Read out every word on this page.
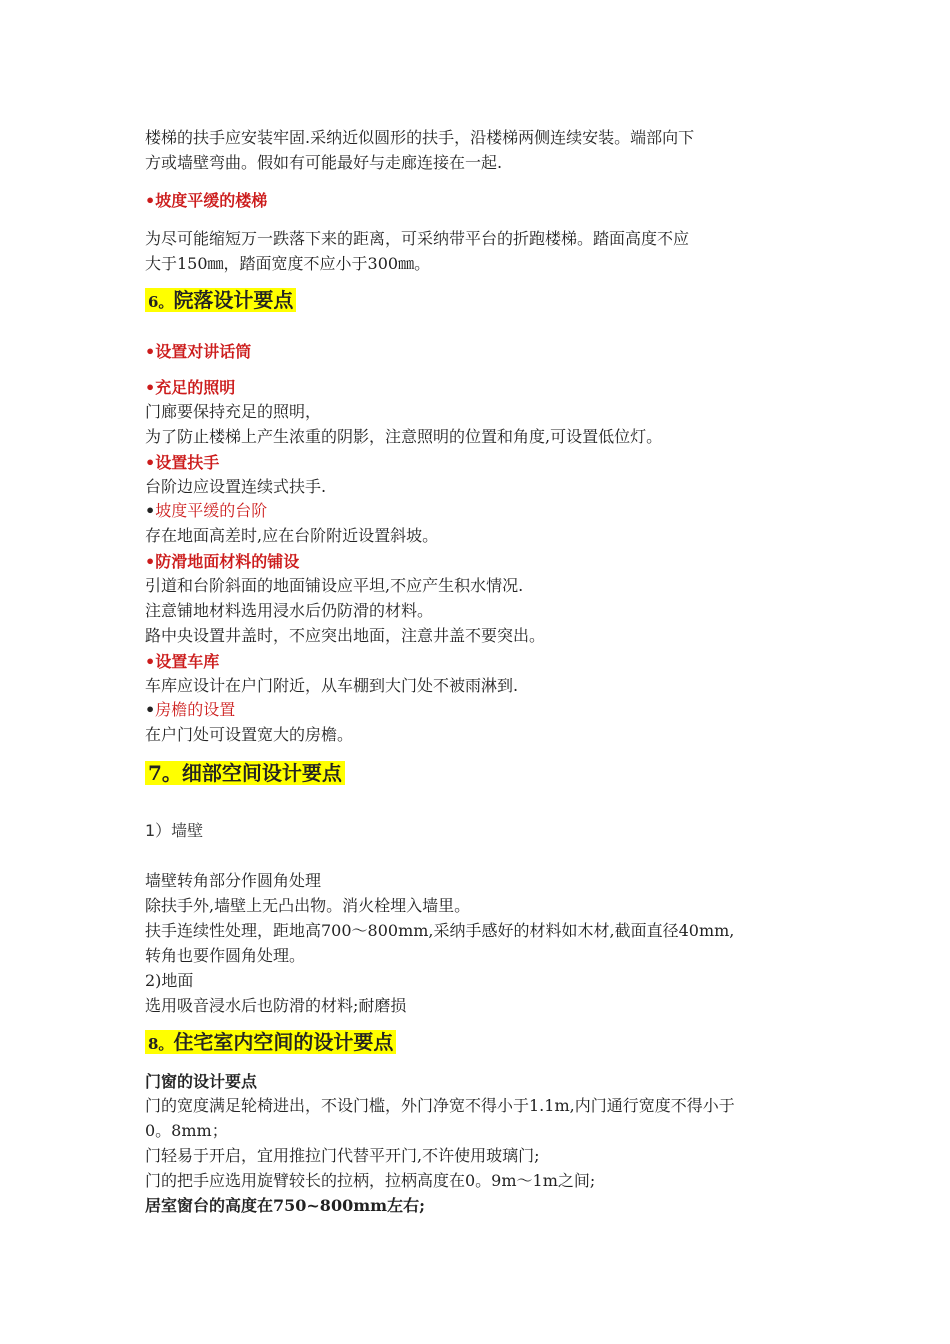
楼梯的扶手应安装牢固.采纳近似圆形的扶手，沿楼梯两侧连续安装。端部向下
方或墙壁弯曲。假如有可能最好与走廊连接在一起.
•坡度平缓的楼梯
为尽可能缩短万一跌落下来的距离，可采纳带平台的折跑楼梯。踏面高度不应
大于150㎜，踏面宽度不应小于300㎜。
6。院落设计要点
•设置对讲话筒
•充足的照明
门廊要保持充足的照明，
为了防止楼梯上产生浓重的阴影，注意照明的位置和角度,可设置低位灯。
•设置扶手
台阶边应设置连续式扶手.
•坡度平缓的台阶
存在地面高差时,应在台阶附近设置斜坡。
•防滑地面材料的铺设
引道和台阶斜面的地面铺设应平坦,不应产生积水情况.
注意铺地材料选用浸水后仍防滑的材料。
路中央设置井盖时，不应突出地面，注意井盖不要突出。
•设置车库
车库应设计在户门附近，从车棚到大门处不被雨淋到.
•房檐的设置
在户门处可设置宽大的房檐。
7。细部空间设计要点
1）墙壁
墙壁转角部分作圆角处理
除扶手外,墙壁上无凸出物。消火栓埋入墙里。
扶手连续性处理，距地高700～800mm,采纳手感好的材料如木材,截面直径40mm,
转角也要作圆角处理。
2)地面
选用吸音浸水后也防滑的材料;耐磨损
8。住宅室内空间的设计要点
门窗的设计要点
门的宽度满足轮椅进出，不设门槛，外门净宽不得小于1.1m,内门通行宽度不得小于
0。8mm；
门轻易于开启，宜用推拉门代替平开门,不许使用玻璃门;
门的把手应选用旋臂较长的拉柄，拉柄高度在0。9m～1m之间;
居室窗台的高度在750~800mm左右;
